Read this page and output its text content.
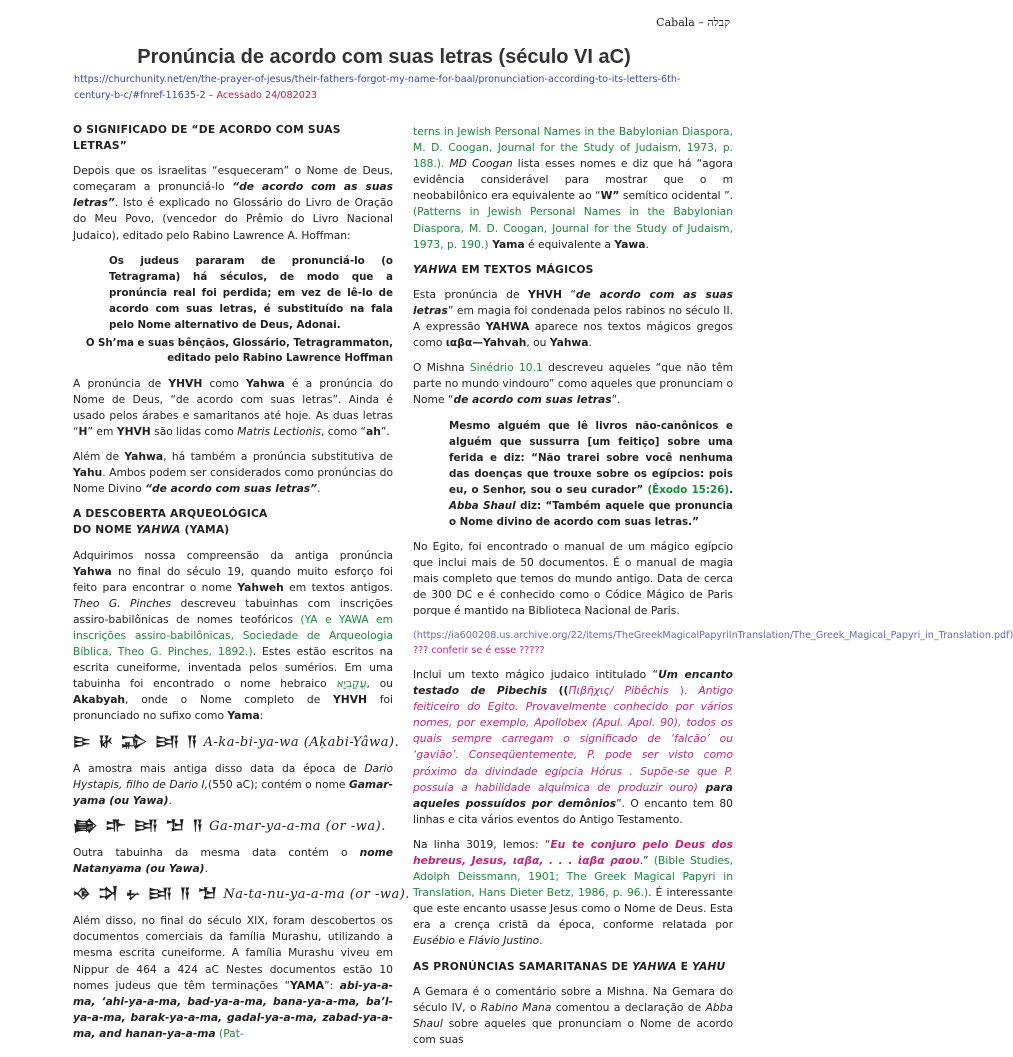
Cabala – קבלה
Pronúncia de acordo com suas letras (século VI aC)
https://churchunity.net/en/the-prayer-of-jesus/their-fathers-forgot-my-name-for-baal/pronunciation-according-to-its-letters-6th-century-b-c/#fnref-11635-2 – Acessado 24/082023
O SIGNIFICADO DE “DE ACORDO COM SUAS LETRAS”

Depois que os israelitas “esqueceram” o Nome de Deus, começaram a pronunciá-lo “de acordo com as suas letras”. Isto é explicado no Glossário do Livro de Oração do Meu Povo, (vencedor do Prêmio do Livro Nacional Judaico), editado pelo Rabino Lawrence A. Hoffman:

Os judeus pararam de pronunciá-lo (o Tetragrama) há séculos, de modo que a pronúncia real foi perdida; em vez de lê-lo de acordo com suas letras, é substituído na fala pelo Nome alternativo de Deus, Adonai.
O Sh’ma e suas bênçãos, Glossário, Tetragrammaton,
editado pelo Rabino Lawrence Hoffman

A pronúncia de YHVH como Yahwa é a pronúncia do Nome de Deus, “de acordo com suas letras”. Ainda é usado pelos árabes e samaritanos até hoje. As duas letras “H” em YHVH são lidas como Matris Lectionis, como “ah”.

Além de Yahwa, há também a pronúncia substitutiva de Yahu. Ambos podem ser considerados como pronúncias do Nome Divino “de acordo com suas letras”.

A DESCOBERTA ARQUEOLÓGICA
DO NOME YAHWA (YAMA)

Adquirimos nossa compreensão da antiga pronúncia Yahwa no final do século 19, quando muito esforço foi feito para encontrar o nome Yahweh em textos antigos. Theo G. Pinches descreveu tabuinhas com inscrições assiro-babilônicas de nomes teofóricos (YA e YAWA em inscrições assiro-babilônicas, Sociedade de Arqueologia Bíblica, Theo G. Pinches, 1892.). Estes estão escritos na escrita cuneiforme, inventada pelos sumérios. Em uma tabuinha foi encontrado o nome hebraico עֲקַבְיָא, ou Akabyah, onde o Nome completo de YHVH foi pronunciado no sufixo como Yama:

𒄿 𒄩 𒁉 𒅀 𒀀 A-ka-bi-ya-wa (Aḳabi-Yâwa).

A amostra mais antiga disso data da época de Dario Hystapis, filho de Dario I,(550 aC); contém o nome Gamar-yama (ou Yawa).

𒂵 𒈥 𒅀 𒈠 𒀀 Ga-mar-ya-a-ma (or -wa).

Outra tabuinha da mesma data contém o nome Natanyama (ou Yawa).

𒈾 𒋫 𒉡 𒅀 𒀀 𒈠 Na-ta-nu-ya-a-ma (or -wa).

Além disso, no final do século XIX, foram descobertos os documentos comerciais da família Murashu, utilizando a mesma escrita cuneiforme. A família Murashu viveu em Nippur de 464 a 424 aC Nestes documentos estão 10 nomes judeus que têm terminações “YAMA”: abi-ya-a-ma, ‘ahi-ya-a-ma, bad-ya-a-ma, bana-ya-a-ma, ba’l-ya-a-ma, barak-ya-a-ma, gadal-ya-a-ma, zabad-ya-a-ma, and hanan-ya-a-ma (Pat-

terns in Jewish Personal Names in the Babylonian Diaspora, M. D. Coogan, Journal for the Study of Judaism, 1973, p. 188.). MD Coogan lista esses nomes e diz que há “agora evidência considerável para mostrar que o m neobabilônico era equivalente ao “W” semítico ocidental ”. (Patterns in Jewish Personal Names in the Babylonian Diaspora, M. D. Coogan, Journal for the Study of Judaism, 1973, p. 190.) Yama é equivalente a Yawa.

YAHWA EM TEXTOS MÁGICOS

Esta pronúncia de YHVH “de acordo com as suas letras” em magia foi condenada pelos rabinos no século II. A expressão YAHWA aparece nos textos mágicos gregos como ιαβα—Yahvah, ou Yahwa.

O Mishna Sinédrio 10.1 descreveu aqueles “que não têm parte no mundo vindouro” como aqueles que pronunciam o Nome “de acordo com suas letras”.

Mesmo alguém que lê livros não-canônicos e alguém que sussurra [um feitiço] sobre uma ferida e diz: “Não trarei sobre você nenhuma das doenças que trouxe sobre os egípcios: pois eu, o Senhor, sou o seu curador” (Êxodo 15:26). Abba Shaul diz: “Também aquele que pronuncia o Nome divino de acordo com suas letras.”

No Egito, foi encontrado o manual de um mágico egípcio que inclui mais de 50 documentos. É o manual de magia mais completo que temos do mundo antigo. Data de cerca de 300 DC e é conhecido como o Códice Mágico de Paris porque é mantido na Biblioteca Nacional de Paris.

(https://ia600208.us.archive.org/22/items/TheGreekMagicalPapyriInTranslation/The_Greek_Magical_Papyri_in_Translation.pdf) ??? conferir se é esse ?????

Inclui um texto mágico judaico intitulado “Um encanto testado de Pibechis ((Πιβῆχις/ Pibêchis ). Antigo feiticeiro do Egito. Provavelmente conhecido por vários nomes, por exemplo, Apollobex (Apul. Apol. 90), todos os quais sempre carregam o significado de ‘falcão’ ou ‘gavião’. Conseqüentemente, P. pode ser visto como próximo da divindade egípcia Hórus . Supõe-se que P. possuía a habilidade alquímica de produzir ouro) para aqueles possuídos por demônios”. O encanto tem 80 linhas e cita vários eventos do Antigo Testamento.

Na linha 3019, lemos: “Eu te conjuro pelo Deus dos hebreus, Jesus, ιαβα, . . . ἰαβα ραου.” (Bible Studies, Adolph Deissmann, 1901; The Greek Magical Papyri in Translation, Hans Dieter Betz, 1986, p. 96.). É interessante que este encanto usasse Jesus como o Nome de Deus. Esta era a crença cristã da época, conforme relatada por Eusébio e Flávio Justino.

AS PRONÚNCIAS SAMARITANAS DE YAHWA E YAHU

A Gemara é o comentário sobre a Mishna. Na Gemara do século IV, o Rabino Mana comentou a declaração de Abba Shaul sobre aqueles que pronunciam o Nome de acordo com suas
